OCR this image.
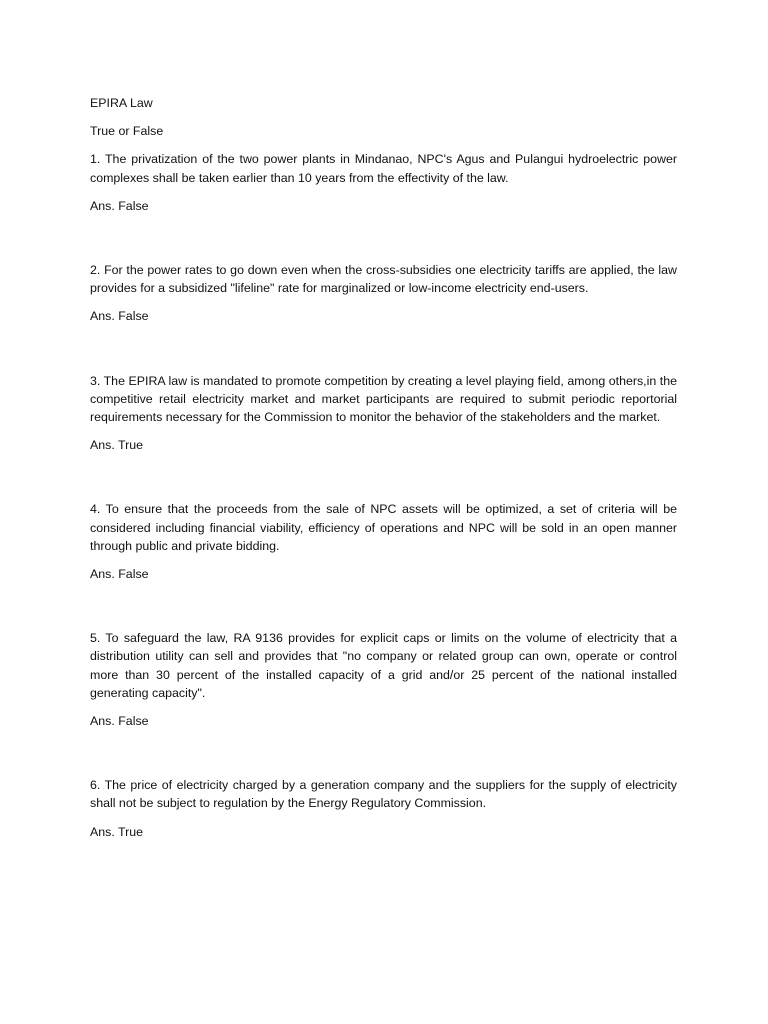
EPIRA Law

True or False

1. The privatization of the two power plants in Mindanao, NPC's Agus and Pulangui hydroelectric power complexes shall be taken earlier than 10 years from the effectivity of the law.

Ans. False

2. For the power rates to go down even when the cross-subsidies one electricity tariffs are applied, the law provides for a subsidized "lifeline" rate for marginalized or low-income electricity end-users.

Ans. False

3. The EPIRA law is mandated to promote competition by creating a level playing field, among others,in the competitive retail electricity market and market participants are required to submit periodic reportorial requirements necessary for the Commission to monitor the behavior of the stakeholders and the market.

Ans. True

4. To ensure that the proceeds from the sale of NPC assets will be optimized, a set of criteria will be considered including financial viability, efficiency of operations and NPC will be sold in an open manner through public and private bidding.

Ans. False

5. To safeguard the law, RA 9136 provides for explicit caps or limits on the volume of electricity that a distribution utility can sell and provides that "no company or related group can own, operate or control more than 30 percent of the installed capacity of a grid and/or 25 percent of the national installed generating capacity".

Ans. False

6. The price of electricity charged by a generation company and the suppliers for the supply of electricity shall not be subject to regulation by the Energy Regulatory Commission.

Ans. True
